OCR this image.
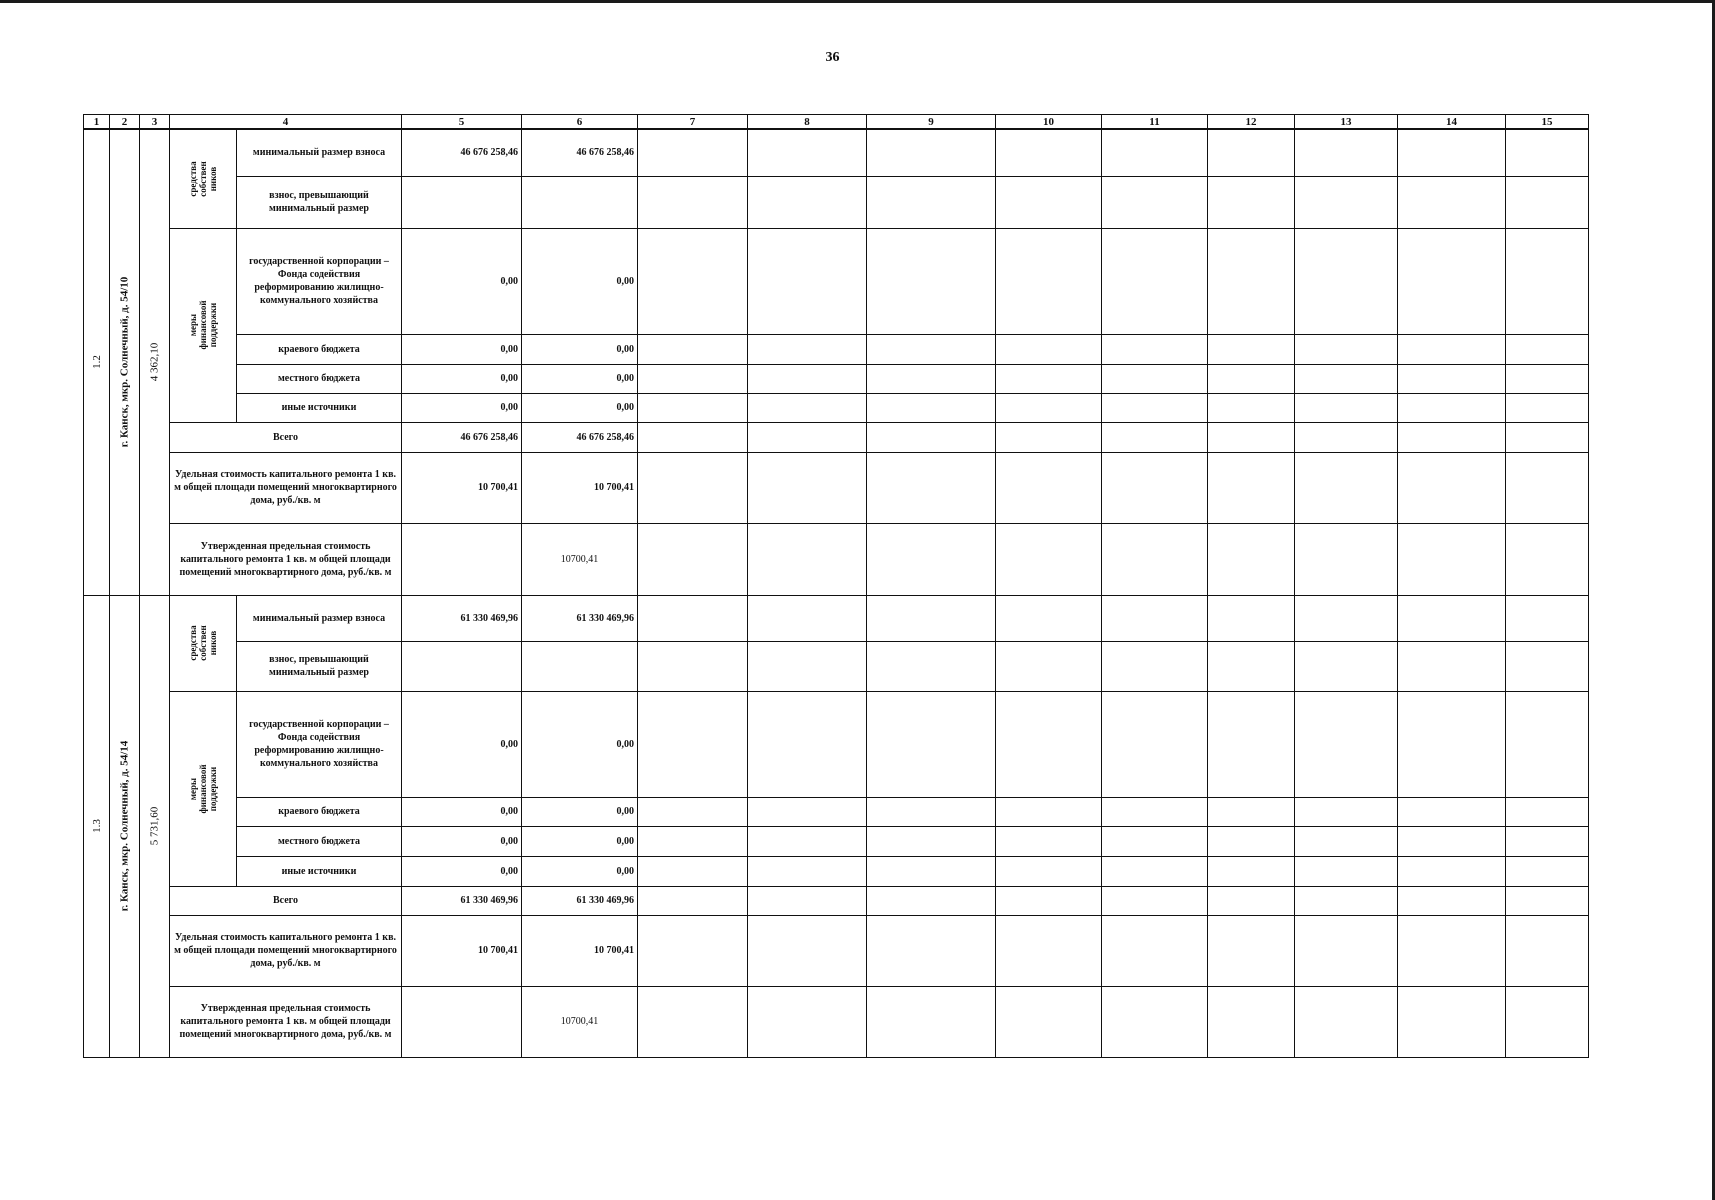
36
1	2	3	4		5	6	7	8	9	10	11	12	13	14	15

1.2	г. Канск, мкр. Солнечный, д. 54/10	4 362,10	средства собствен ников	минимальный размер взноса	46 676 258,46	46 676 258,46									
				взнос, превышающий минимальный размер											

			меры финансовой поддержки	государственной корпорации – Фонда содействия реформированию жилищно-коммунального хозяйства	0,00	0,00									
				краевого бюджета	0,00	0,00									
				местного бюджета	0,00	0,00									
				иные источники	0,00	0,00									
			Всего		46 676 258,46	46 676 258,46									
			Удельная стоимость капитального ремонта 1 кв. м общей площади помещений многоквартирного дома, руб./кв. м		10 700,41	10 700,41									
			Утвержденная предельная стоимость капитального ремонта 1 кв. м общей площади помещений многоквартирного дома, руб./кв. м			10700,41									

1.3	г. Канск, мкр. Солнечный, д. 54/14	5 731,60	средства собствен ников	минимальный размер взноса	61 330 469,96	61 330 469,96									
				взнос, превышающий минимальный размер											

			меры финансовой поддержки	государственной корпорации – Фонда содействия реформированию жилищно-коммунального хозяйства	0,00	0,00									
				краевого бюджета	0,00	0,00									
				местного бюджета	0,00	0,00									
				иные источники	0,00	0,00									
			Всего		61 330 469,96	61 330 469,96									
			Удельная стоимость капитального ремонта 1 кв. м общей площади помещений многоквартирного дома, руб./кв. м		10 700,41	10 700,41									
			Утвержденная предельная стоимость капитального ремонта 1 кв. м общей площади помещений многоквартирного дома, руб./кв. м			10700,41									
